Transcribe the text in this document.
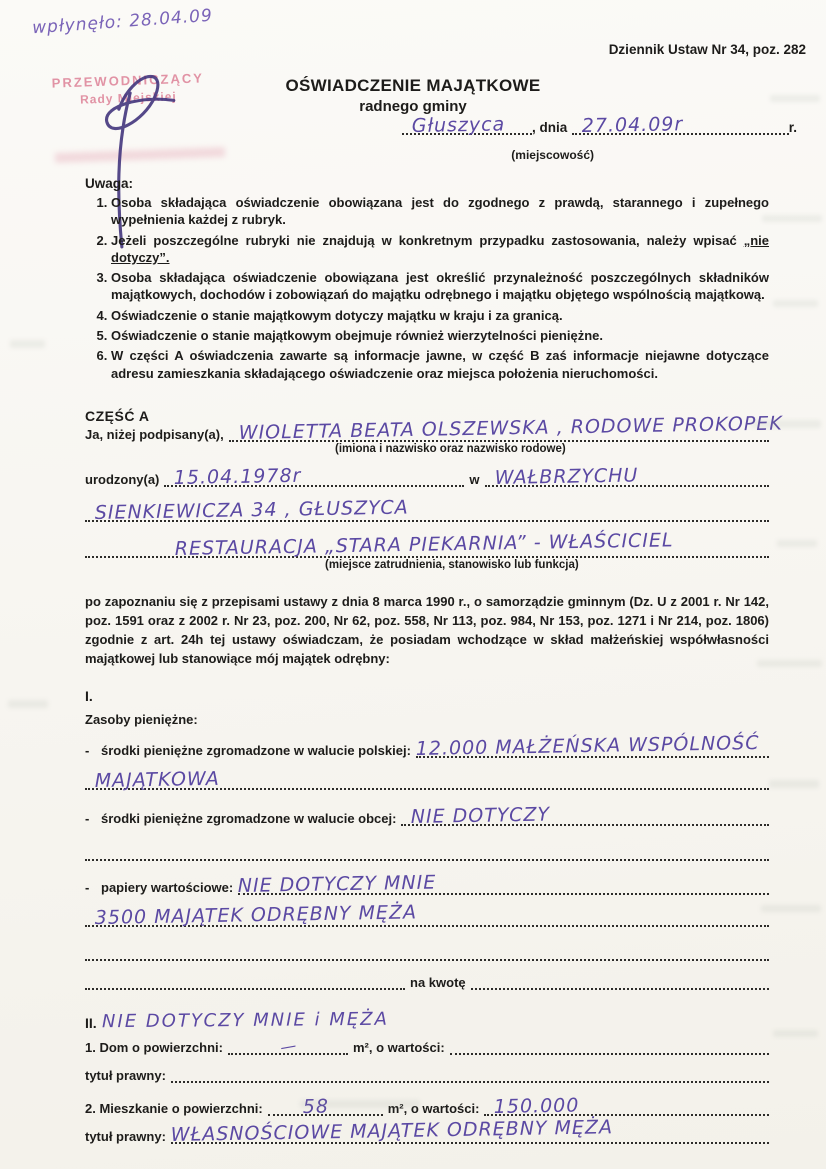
wpłynęło: 28.04.09
PRZEWODNICZĄCY
Rady Miejskiej
Dziennik Ustaw Nr 34, poz. 282
OŚWIADCZENIE MAJĄTKOWE
radnego gminy
Głuszyca , dnia 27.04.09r	r.
(miejscowość)
Uwaga:
1. Osoba składająca oświadczenie obowiązana jest do zgodnego z prawdą, starannego i zupełnego wypełnienia każdej z rubryk.
2. Jeżeli poszczególne rubryki nie znajdują w konkretnym przypadku zastosowania, należy wpisać „nie dotyczy”.
3. Osoba składająca oświadczenie obowiązana jest określić przynależność poszczególnych składników majątkowych, dochodów i zobowiązań do majątku odrębnego i majątku objętego wspólnością majątkową.
4. Oświadczenie o stanie majątkowym dotyczy majątku w kraju i za granicą.
5. Oświadczenie o stanie majątkowym obejmuje również wierzytelności pieniężne.
6. W części A oświadczenia zawarte są informacje jawne, w część B zaś informacje niejawne dotyczące adresu zamieszkania składającego oświadczenie oraz miejsca położenia nieruchomości.
CZĘŚĆ A
Ja, niżej podpisany(a), WIOLETTA BEATA OLSZEWSKA , RODOWE PROKOPEK
(imiona i nazwisko oraz nazwisko rodowe)
urodzony(a) 15.04.1978r	w WAŁBRZYCHU
SIENKIEWICZA 34 , GŁUSZYCA
RESTAURACJA „STARA PIEKARNIA” - WŁAŚCICIEL
(miejsce zatrudnienia, stanowisko lub funkcja)
po zapoznaniu się z przepisami ustawy z dnia 8 marca 1990 r., o samorządzie gminnym (Dz. U z 2001 r. Nr 142, poz. 1591 oraz z 2002 r. Nr 23, poz. 200, Nr 62, poz. 558, Nr 113, poz. 984, Nr 153, poz. 1271 i Nr 214, poz. 1806) zgodnie z art. 24h tej ustawy oświadczam, że posiadam wchodzące w skład małżeńskiej współwłasności majątkowej lub stanowiące mój majątek odrębny:
I.
Zasoby pieniężne:
- środki pieniężne zgromadzone w walucie polskiej: 12.000 MAŁŻEŃSKA WSPÓLNOŚĆ
MAJĄTKOWA
- środki pieniężne zgromadzone w walucie obcej: NIE DOTYCZY
- papiery wartościowe: NIE DOTYCZY MNIE
3500 MAJĄTEK ODRĘBNY MĘŻA
na kwotę
II. NIE DOTYCZY MNIE i MĘŻA
1. Dom o powierzchni:	—	m², o wartości:
tytuł prawny:
2. Mieszkanie o powierzchni: 58	m², o wartości: 150.000
tytuł prawny: WŁASNOŚCIOWE MAJĄTEK ODRĘBNY MĘŻA
